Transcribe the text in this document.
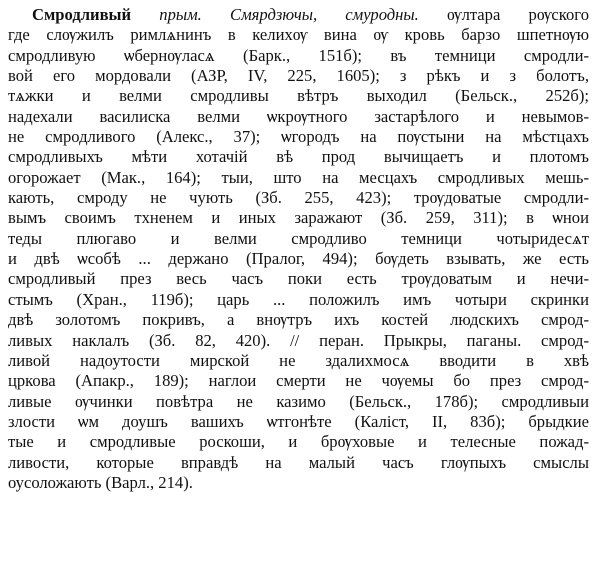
Смродливый прым. Смярдзючы, смуродны. ѹлтара рѹского
где слѹжилъ римлѧнинъ в келихѹ вина ѹ кровь барзо шпетнѹю
смродливую ѡбернѹласѧ (Барк., 151б); въ темници смродли-
вой его мордовали (АЗР, IV, 225, 1605); з рѣкъ и з болотъ,
тѧжки и велми смродливы вѣтръ выходил (Бельск., 252б);
надехали василиска велми ѡкрѹтного застарѣлого и невымов-
не смродливого (Алекс., 37); ѡгородъ на пѹстыни на мѣстцахъ
смродливыхъ мѣти хотачій вѣ прод вычищаетъ и плотомъ
огорожает (Мак., 164); тыи, што на месцахъ смродливых мешь-
кають, смроду не чують (Зб. 255, 423); трѹдоватые смродли-
вымъ своимъ тхненем и иных заражают (Зб. 259, 311); в ѡнои
теды плюгаво и велми смродливо темници чотыридесѧт
и двѣ ѡсобѣ ... держано (Пралог, 494); бѹдеть взывать, же есть
смродливый през весь часъ поки есть трѹдоватым и нечи-
стымъ (Хран., 119б); царь ... положилъ имъ чотыри скринки
двѣ золотомъ покривъ, а внѹтръ ихъ костей людскихъ смрод-
ливых наклалъ (Зб. 82, 420). // перан. Прыкры, паганы. смрод-
ливой надоутости мирской не здалихмосѧ вводити в хвѣ
цркова (Апакр., 189); наглои смерти не чѹемы бо през смрод-
ливые ѹчинки повѣтра не казимо (Бельск., 178б); смродливыи
злости ѡм доушъ вашихъ ѡтгонѣте (Каліст, II, 83б); брыдкие
тые и смродливые роскоши, и брѹховые и телесные пожад-
ливости, которые вправдѣ на малый часъ глѹпыхъ смыслы
оусоложають (Варл., 214).
